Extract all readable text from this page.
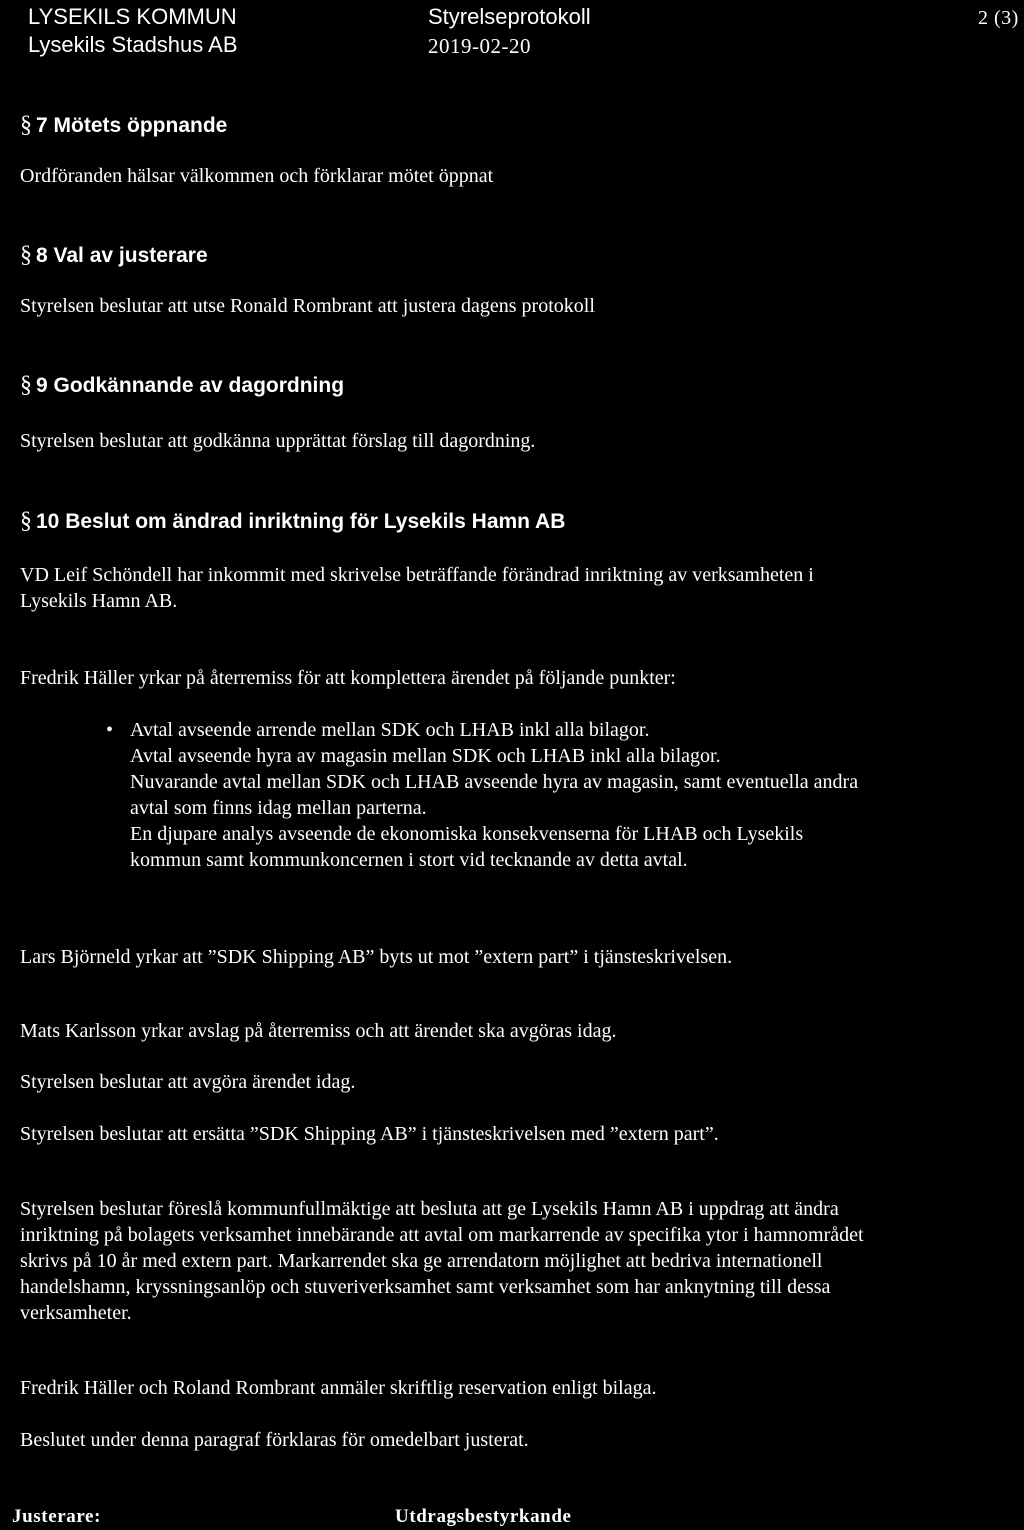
LYSEKILS KOMMUN
Lysekils Stadshus AB
Styrelseprotokoll
2019-02-20
2 (3)
§ 7 Mötets öppnande
Ordföranden hälsar välkommen och förklarar mötet öppnat
§ 8 Val av justerare
Styrelsen beslutar att utse Ronald Rombrant att justera dagens protokoll
§ 9 Godkännande av dagordning
Styrelsen beslutar att godkänna upprättat förslag till dagordning.
§ 10 Beslut om ändrad inriktning för Lysekils Hamn AB
VD Leif Schöndell har inkommit med skrivelse beträffande förändrad inriktning av verksamheten i Lysekils Hamn AB.
Fredrik Häller yrkar på återremiss för att komplettera ärendet på följande punkter:
• Avtal avseende arrende mellan SDK och LHAB inkl alla bilagor.
Avtal avseende hyra av magasin mellan SDK och LHAB inkl alla bilagor.
Nuvarande avtal mellan SDK och LHAB avseende hyra av magasin, samt eventuella andra avtal som finns idag mellan parterna.
En djupare analys avseende de ekonomiska konsekvenserna för LHAB och Lysekils kommun samt kommunkoncernen i stort vid tecknande av detta avtal.
Lars Björneld yrkar att ”SDK Shipping AB” byts ut mot ”extern part” i tjänsteskrivelsen.
Mats Karlsson yrkar avslag på återremiss och att ärendet ska avgöras idag.
Styrelsen beslutar att avgöra ärendet idag.
Styrelsen beslutar att ersätta ”SDK Shipping AB” i tjänsteskrivelsen med ”extern part”.
Styrelsen beslutar föreslå kommunfullmäktige att besluta att ge Lysekils Hamn AB i uppdrag att ändra inriktning på bolagets verksamhet innebärande att avtal om markarrende av specifika ytor i hamnområdet skrivs på 10 år med extern part. Markarrendet ska ge arrendatorn möjlighet att bedriva internationell handelshamn, kryssningsanlöp och stuveriverksamhet samt verksamhet som har anknytning till dessa verksamheter.
Fredrik Häller och Roland Rombrant anmäler skriftlig reservation enligt bilaga.
Beslutet under denna paragraf förklaras för omedelbart justerat.
Justerare:	Utdragsbestyrkande
